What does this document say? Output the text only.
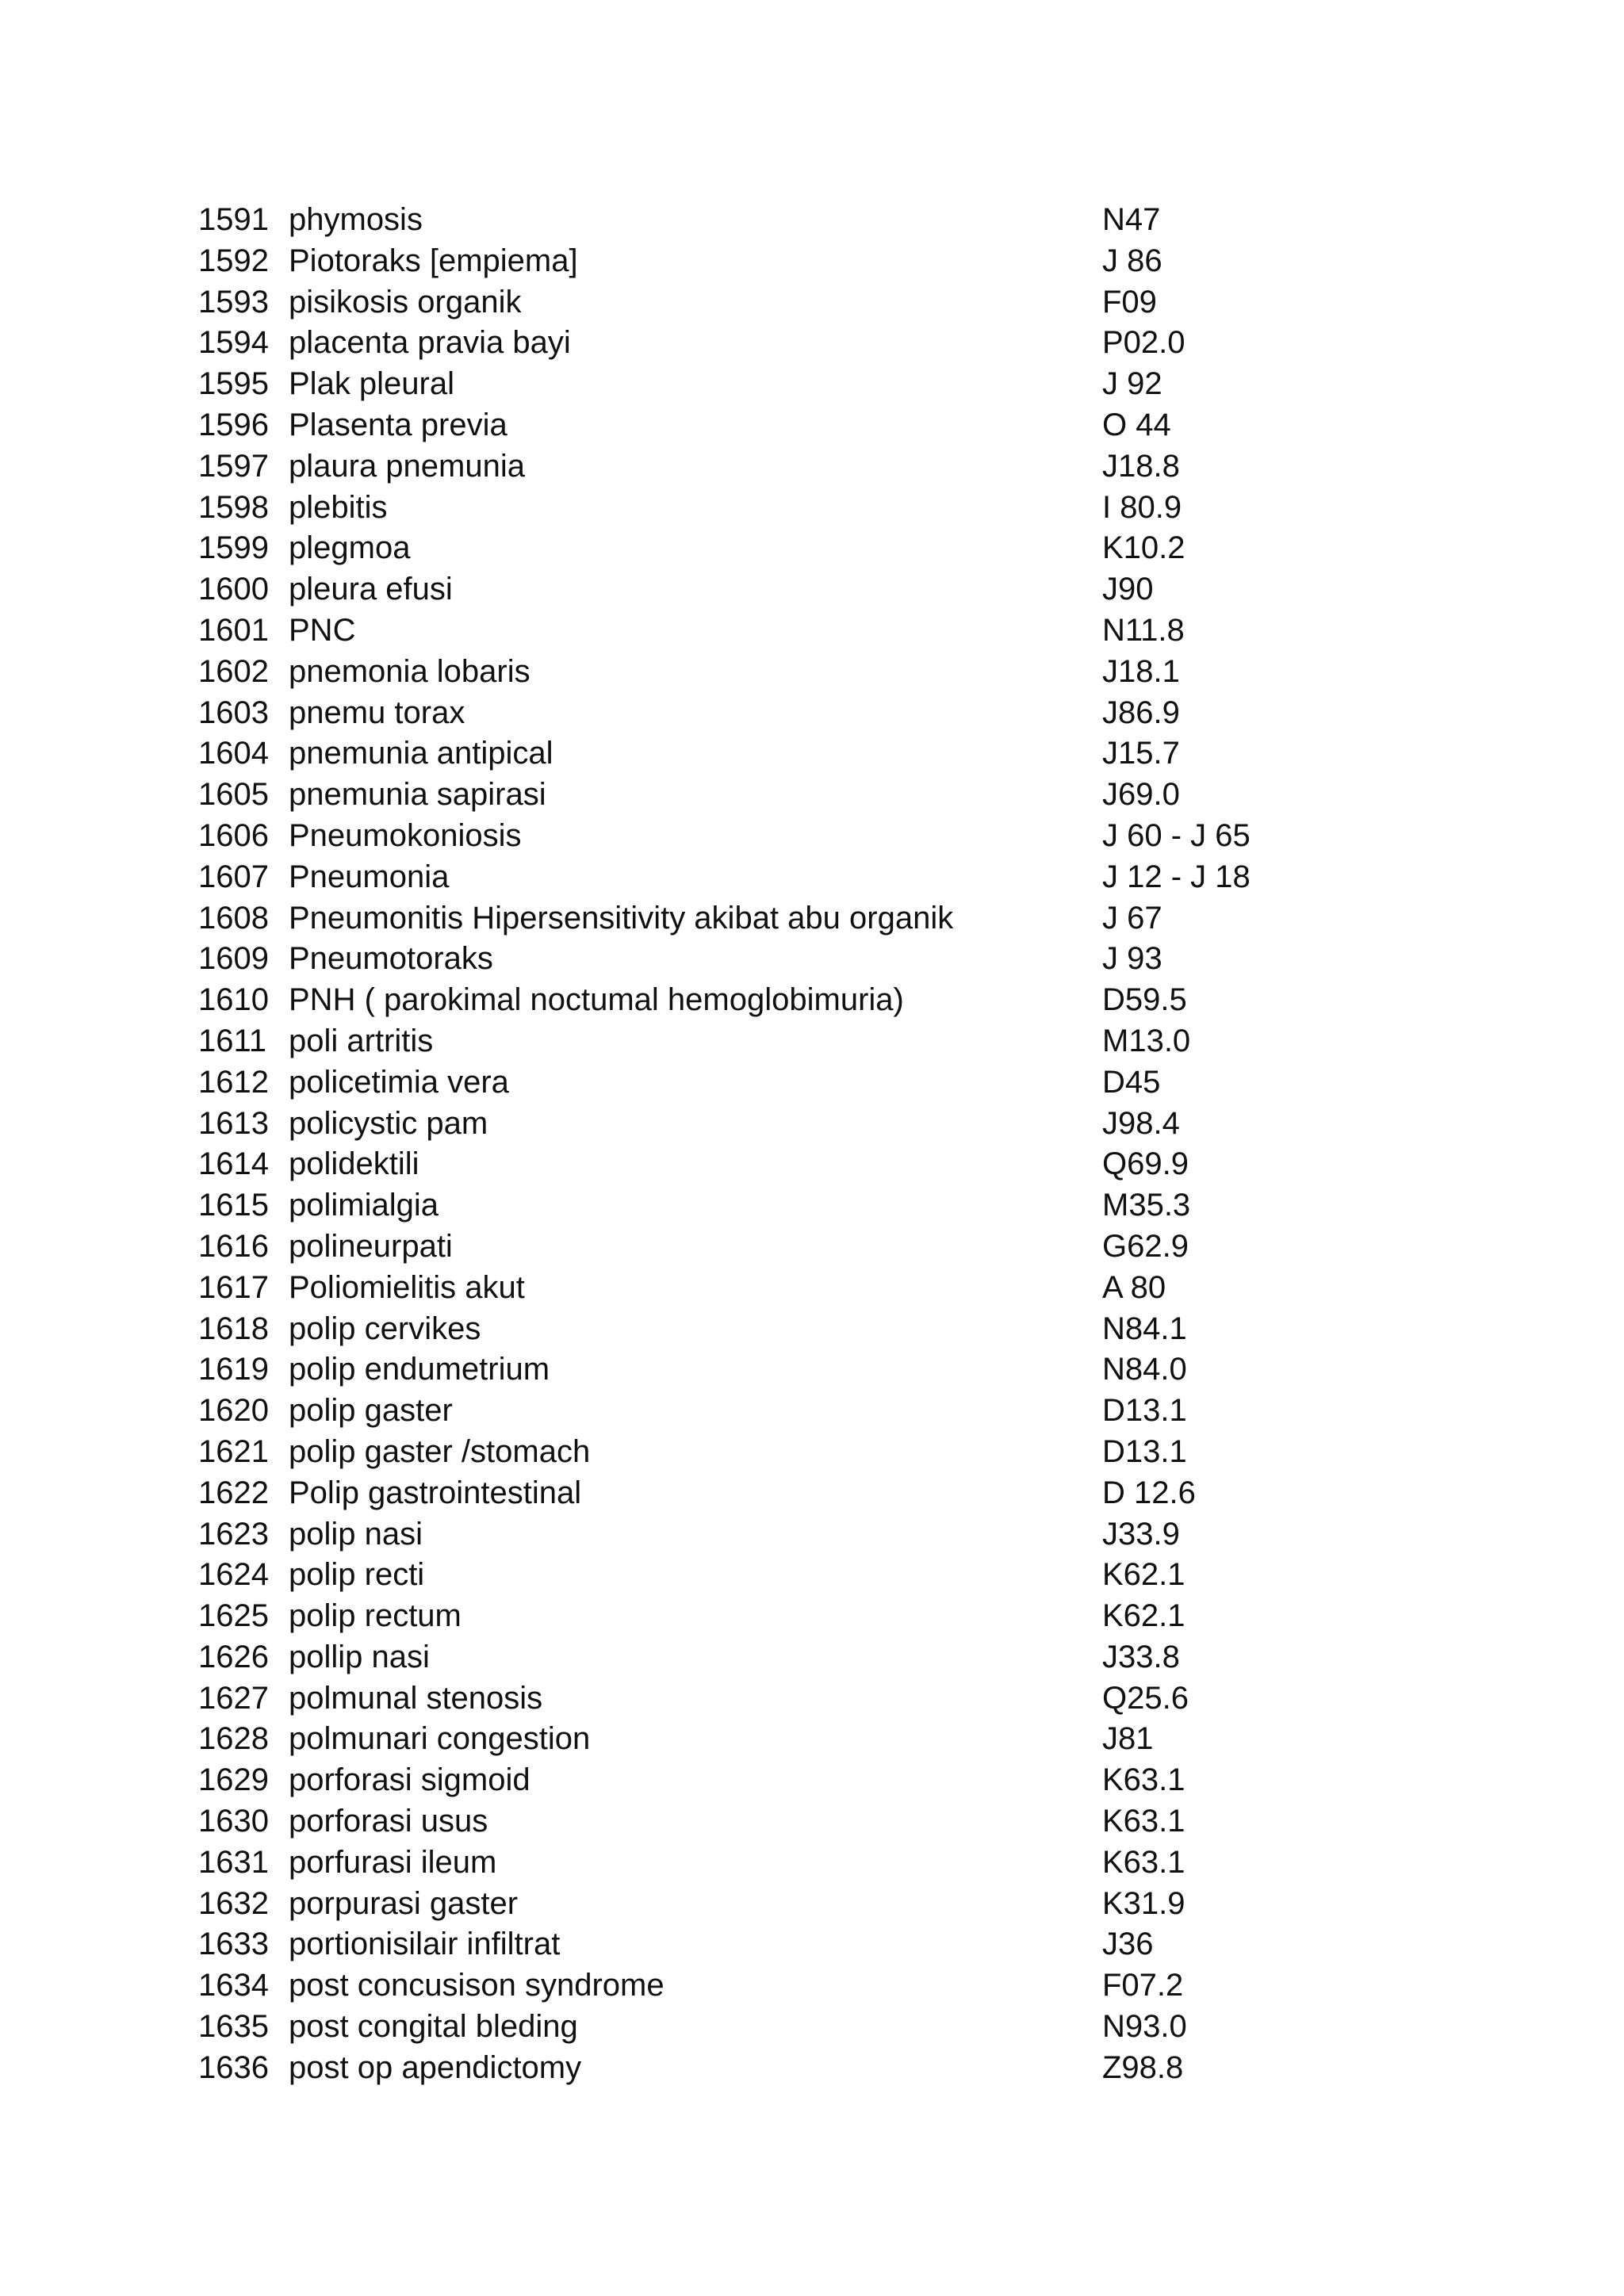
1591 phymosis	N47
1592 Piotoraks [empiema]	J 86
1593 pisikosis organik	F09
1594 placenta pravia bayi	P02.0
1595 Plak pleural	J 92
1596 Plasenta previa	O 44
1597 plaura pnemunia	J18.8
1598 plebitis	I 80.9
1599 plegmoa	K10.2
1600 pleura efusi	J90
1601 PNC	N11.8
1602 pnemonia lobaris	J18.1
1603 pnemu torax	J86.9
1604 pnemunia antipical	J15.7
1605 pnemunia sapirasi	J69.0
1606 Pneumokoniosis	J 60 - J 65
1607 Pneumonia	J 12 - J 18
1608 Pneumonitis Hipersensitivity akibat abu organik	J 67
1609 Pneumotoraks	J 93
1610 PNH ( parokimal noctumal hemoglobimuria)	D59.5
1611 poli artritis	M13.0
1612 policetimia vera	D45
1613 policystic pam	J98.4
1614 polidektili	Q69.9
1615 polimialgia	M35.3
1616 polineurpati	G62.9
1617 Poliomielitis akut	A 80
1618 polip cervikes	N84.1
1619 polip endumetrium	N84.0
1620 polip gaster	D13.1
1621 polip gaster /stomach	D13.1
1622 Polip gastrointestinal	D 12.6
1623 polip nasi	J33.9
1624 polip recti	K62.1
1625 polip rectum	K62.1
1626 pollip nasi	J33.8
1627 polmunal stenosis	Q25.6
1628 polmunari congestion	J81
1629 porforasi sigmoid	K63.1
1630 porforasi usus	K63.1
1631 porfurasi ileum	K63.1
1632 porpurasi gaster	K31.9
1633 portionisilair infiltrat	J36
1634 post concusison syndrome	F07.2
1635 post congital bleding	N93.0
1636 post op apendictomy	Z98.8
